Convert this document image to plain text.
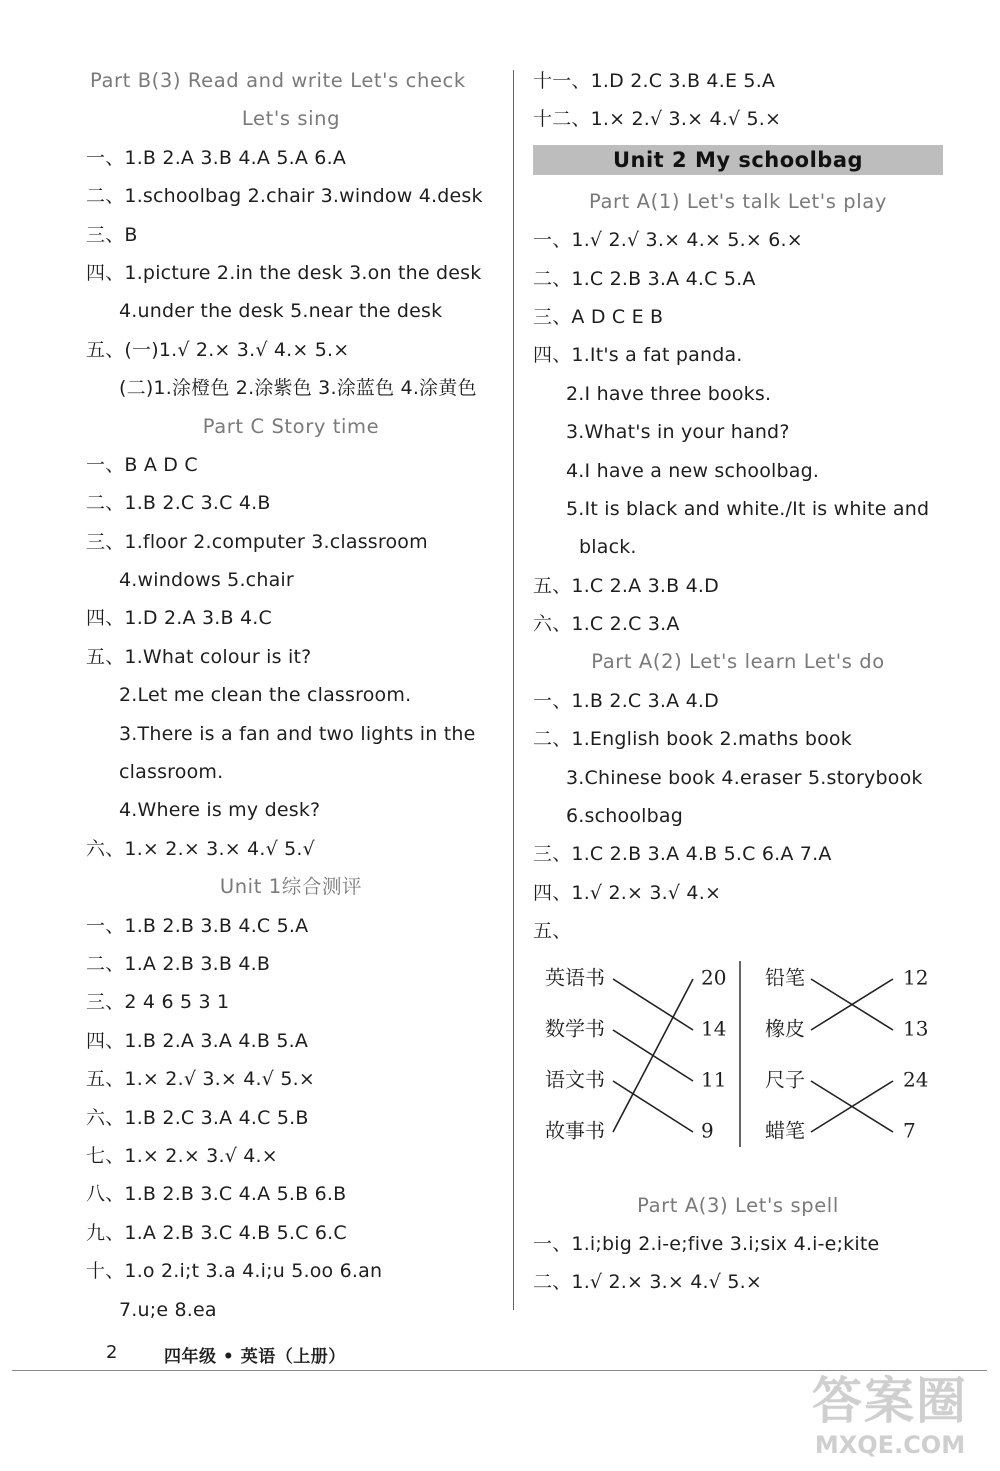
Part B(3) Read and write Let's check
Let's sing
一、1.B 2.A 3.B 4.A 5.A 6.A
二、1.schoolbag 2.chair 3.window 4.desk
三、B
四、1.picture 2.in the desk 3.on the desk
4.under the desk 5.near the desk
五、(一)1.√ 2.× 3.√ 4.× 5.×
(二)1.涂橙色 2.涂紫色 3.涂蓝色 4.涂黄色
Part C Story time
一、B A D C
二、1.B 2.C 3.C 4.B
三、1.floor 2.computer 3.classroom
4.windows 5.chair
四、1.D 2.A 3.B 4.C
五、1.What colour is it?
2.Let me clean the classroom.
3.There is a fan and two lights in the
classroom.
4.Where is my desk?
六、1.× 2.× 3.× 4.√ 5.√
Unit 1综合测评
一、1.B 2.B 3.B 4.C 5.A
二、1.A 2.B 3.B 4.B
三、2 4 6 5 3 1
四、1.B 2.A 3.A 4.B 5.A
五、1.× 2.√ 3.× 4.√ 5.×
六、1.B 2.C 3.A 4.C 5.B
七、1.× 2.× 3.√ 4.×
八、1.B 2.B 3.C 4.A 5.B 6.B
九、1.A 2.B 3.C 4.B 5.C 6.C
十、1.o 2.i;t 3.a 4.i;u 5.oo 6.an
7.u;e 8.ea
十一、1.D 2.C 3.B 4.E 5.A
十二、1.× 2.√ 3.× 4.√ 5.×
Unit 2 My schoolbag
Part A(1) Let's talk Let's play
一、1.√ 2.√ 3.× 4.× 5.× 6.×
二、1.C 2.B 3.A 4.C 5.A
三、A D C E B
四、1.It's a fat panda.
2.I have three books.
3.What's in your hand?
4.I have a new schoolbag.
5.It is black and white./It is white and
black.
五、1.C 2.A 3.B 4.D
六、1.C 2.C 3.A
Part A(2) Let's learn Let's do
一、1.B 2.C 3.A 4.D
二、1.English book 2.maths book
3.Chinese book 4.eraser 5.storybook
6.schoolbag
三、1.C 2.B 3.A 4.B 5.C 6.A 7.A
四、1.√ 2.× 3.√ 4.×
五、
英语书
数学书
语文书
故事书
20
14
11
9
铅笔
橡皮
尺子
蜡笔
12
13
24
7
Part A(3) Let's spell
一、1.i;big 2.i-e;five 3.i;six 4.i-e;kite
二、1.√ 2.× 3.× 4.√ 5.×
2	四年级 • 英语（上册）
答案圈
MXQE.COM
